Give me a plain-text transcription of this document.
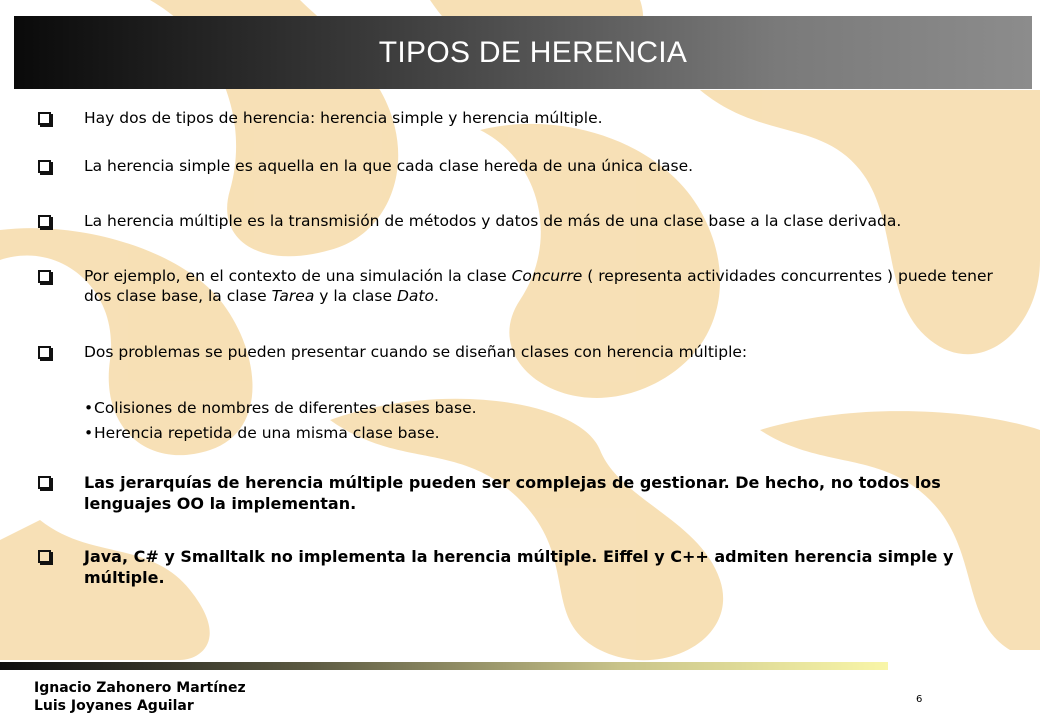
TIPOS DE HERENCIA
Hay dos de tipos de herencia: herencia simple y herencia múltiple.
La herencia simple es aquella en la que cada clase hereda de una única clase.
La herencia múltiple es la transmisión de métodos y datos de más de una clase base a la clase derivada.
Por ejemplo, en el contexto de una simulación la clase Concurre ( representa actividades concurrentes ) puede tener dos clase base, la clase Tarea y la clase Dato.
Dos problemas se pueden presentar cuando se diseñan clases con herencia múltiple:
•Colisiones de nombres de diferentes clases base.
•Herencia repetida de una misma clase base.
Las jerarquías de herencia múltiple pueden ser complejas de gestionar. De hecho, no todos los lenguajes OO la implementan.
Java, C# y Smalltalk no implementa la herencia múltiple. Eiffel y C++ admiten herencia simple y múltiple.
Ignacio Zahonero Martínez
Luis Joyanes Aguilar	6
